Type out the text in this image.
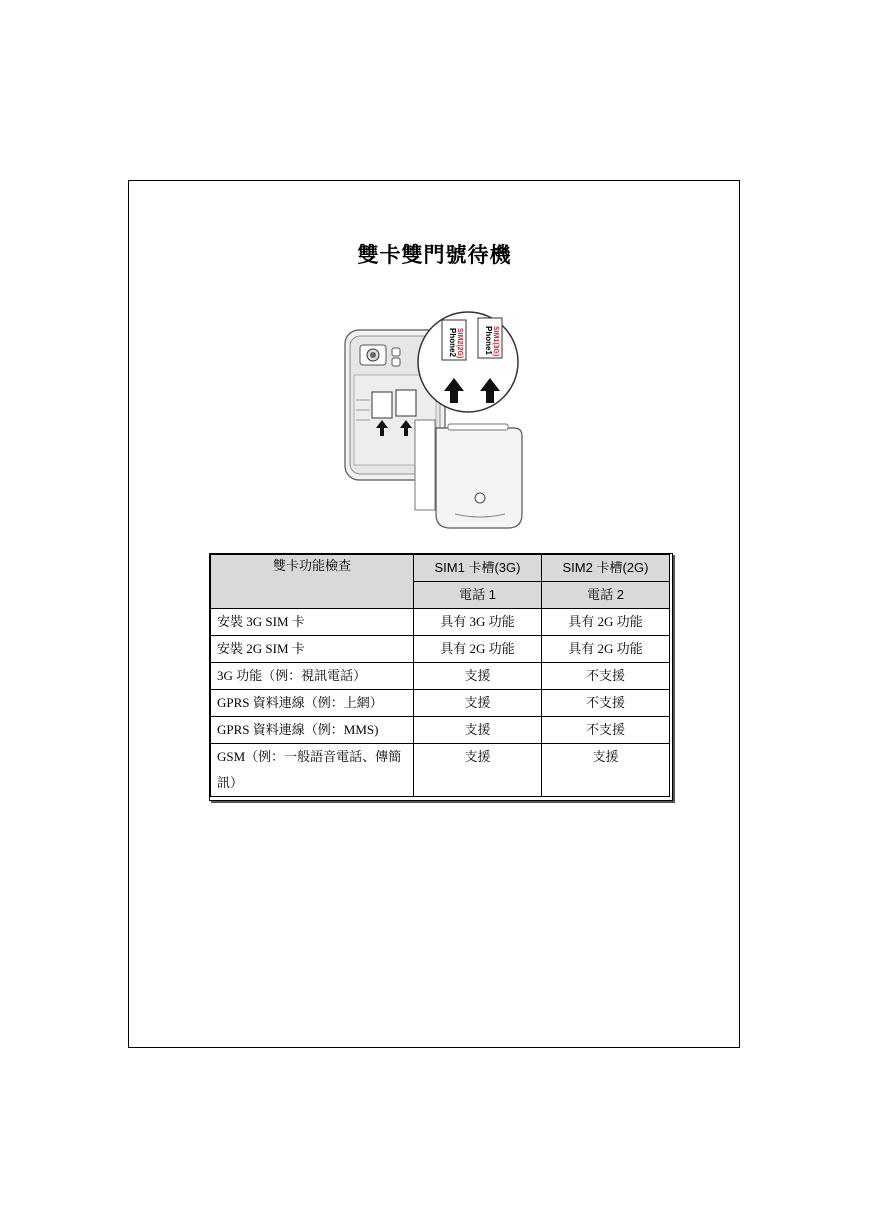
雙卡雙門號待機
Phone2 SIM2(2G)	Phone1 SIM1(3G)
雙卡功能檢查	SIM1 卡槽(3G)	SIM2 卡槽(2G)

	電話 1	電話 2
安裝 3G SIM 卡	具有 3G 功能	具有 2G 功能
安裝 2G SIM 卡	具有 2G 功能	具有 2G 功能
3G 功能（例：視訊電話）	支援	不支援
GPRS 資料連線（例：上網）	支援	不支援
GPRS 資料連線（例：MMS)	支援	不支援
GSM（例：一般語音電話、傳簡訊）	支援	支援
